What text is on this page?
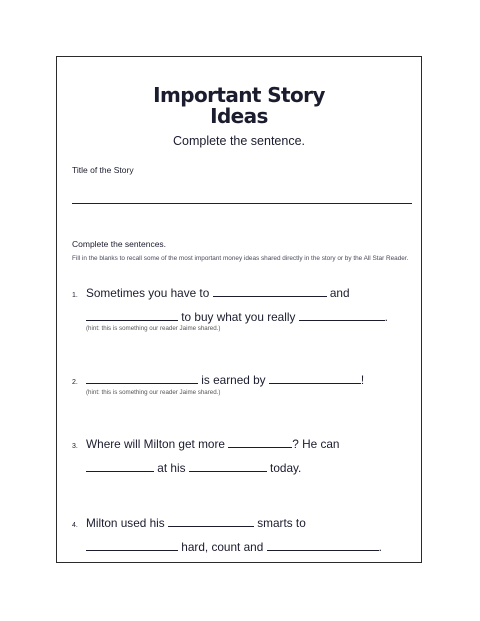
Important Story
Ideas
Complete the sentence.
Title of the Story
Complete the sentences.
Fill in the blanks to recall some of the most important money ideas shared directly in the story or by the All Star Reader.
1. Sometimes you have to	and
to buy what you really	.
(hint: this is something our reader Jaime shared.)
2.	is earned by	!
(hint: this is something our reader Jaime shared.)
3. Where will Milton get more	? He can
at his	today.
4. Milton used his	smarts to
hard, count and	.
